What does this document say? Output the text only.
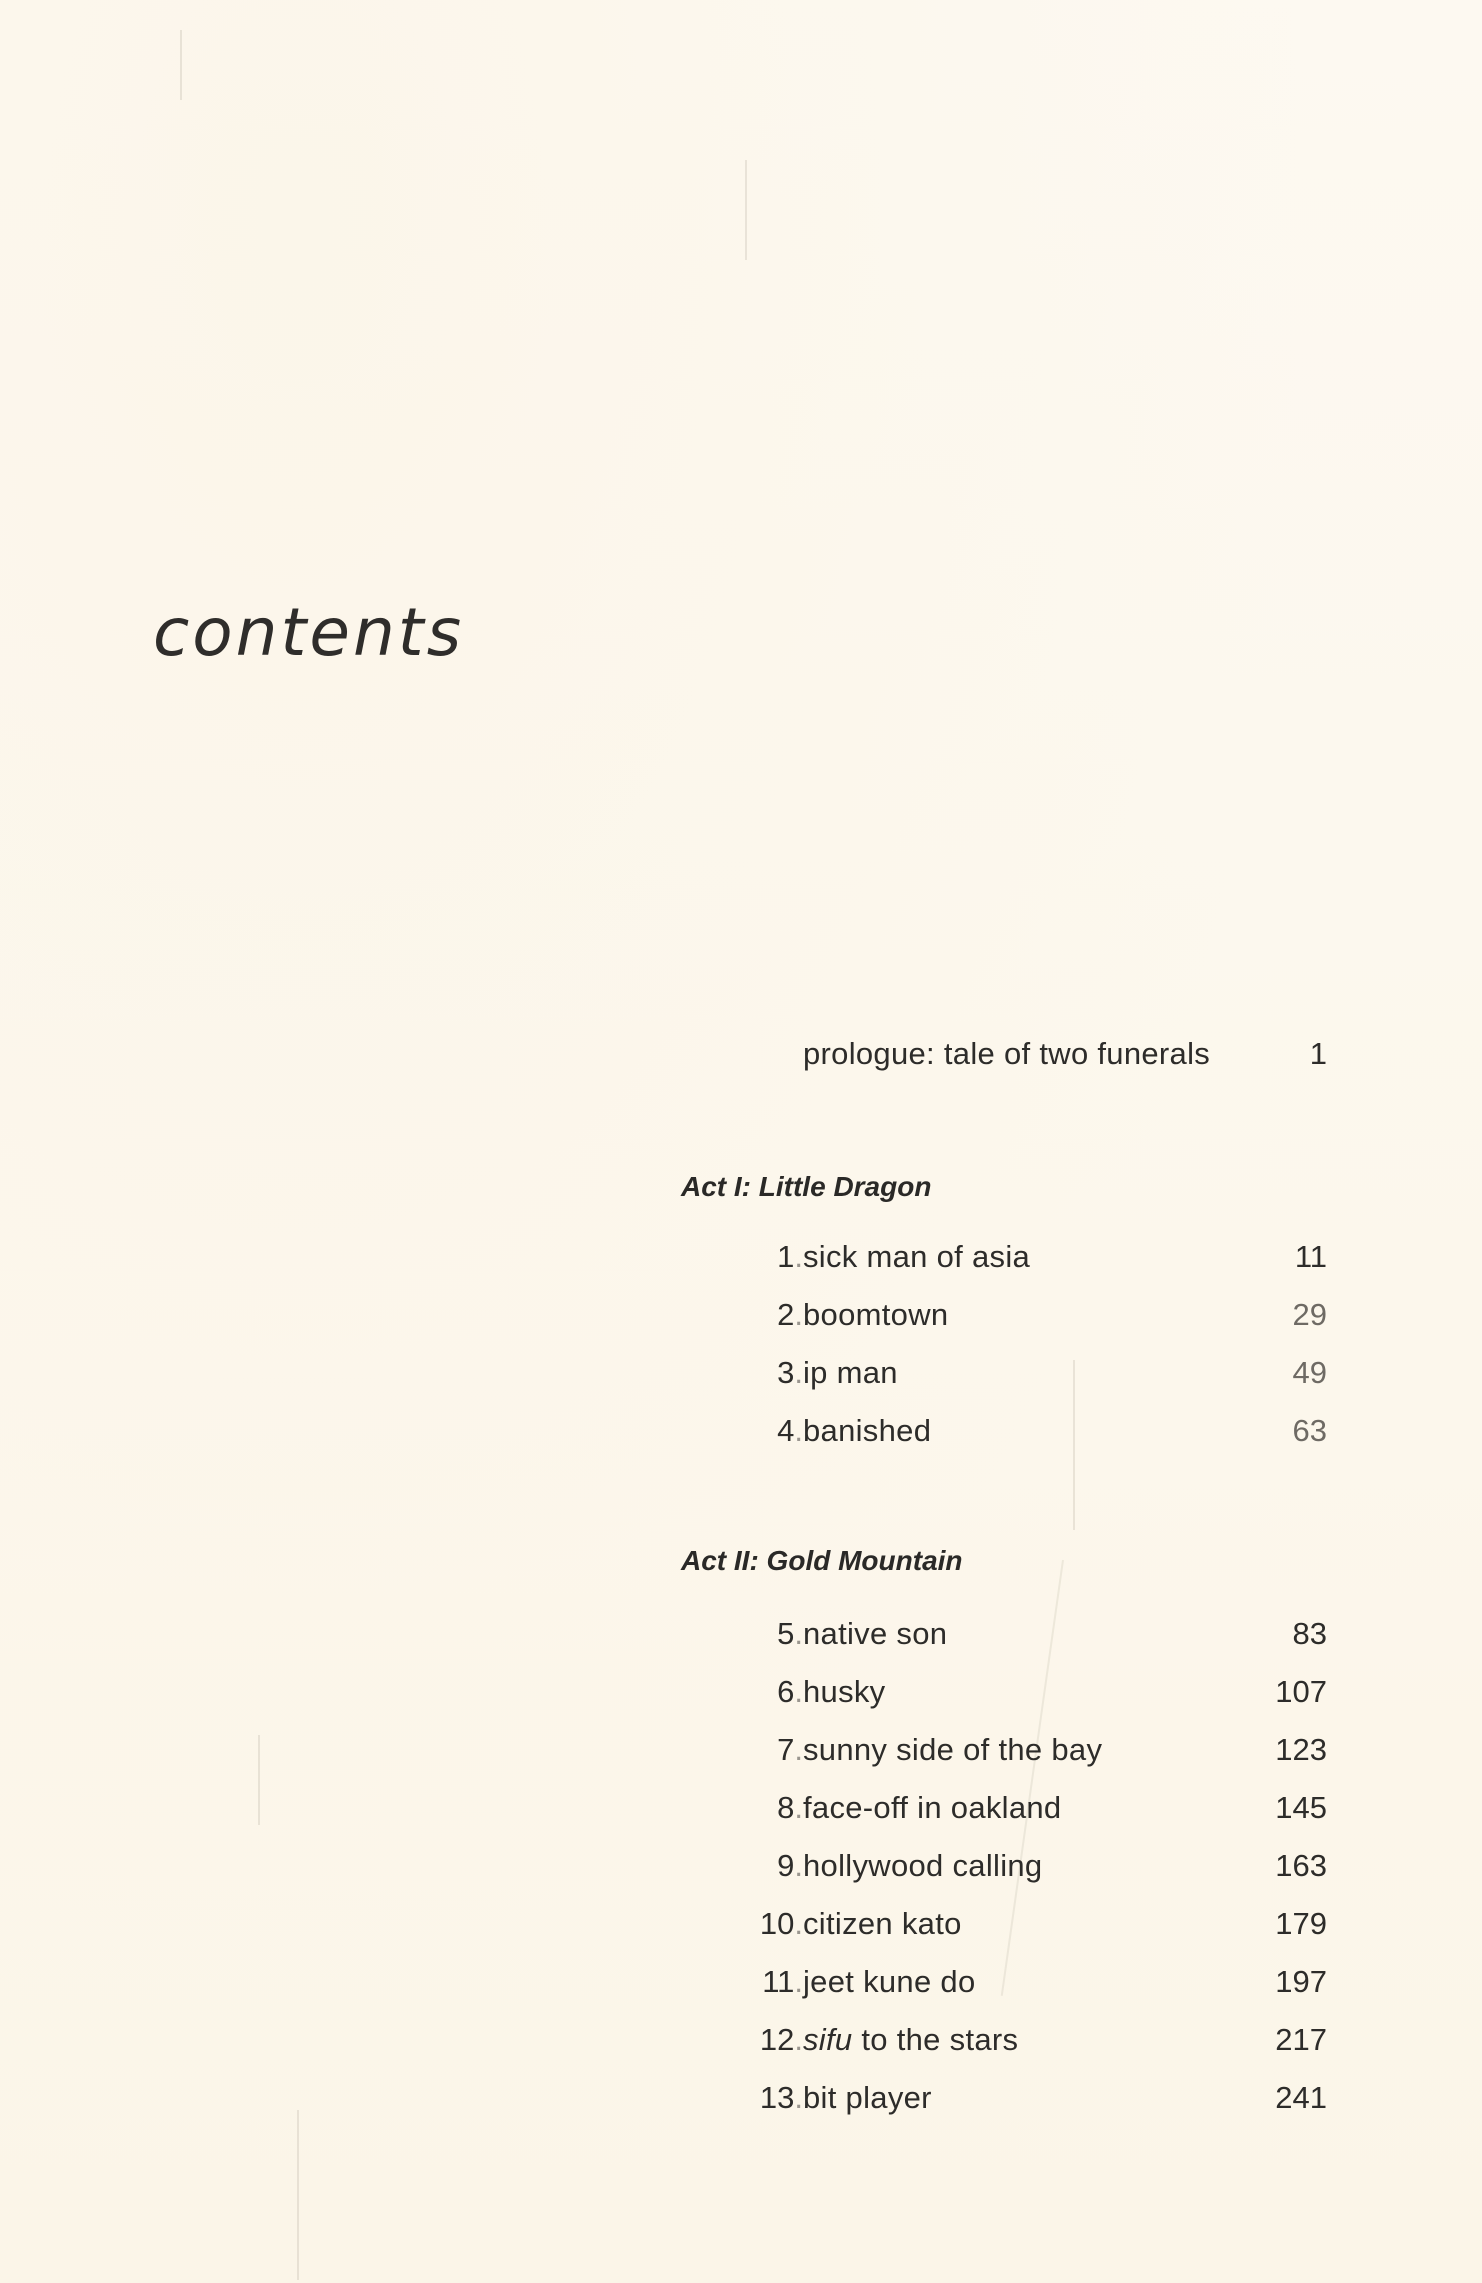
contents
prologue: tale of two funerals	1
Act I: Little Dragon
1. sick man of asia	11
2. boomtown	29
3. ip man	49
4. banished	63
Act II: Gold Mountain
5. native son	83
6. husky	107
7. sunny side of the bay	123
8. face-off in oakland	145
9. hollywood calling	163
10. citizen kato	179
11. jeet kune do	197
12. sifu to the stars	217
13. bit player	241
